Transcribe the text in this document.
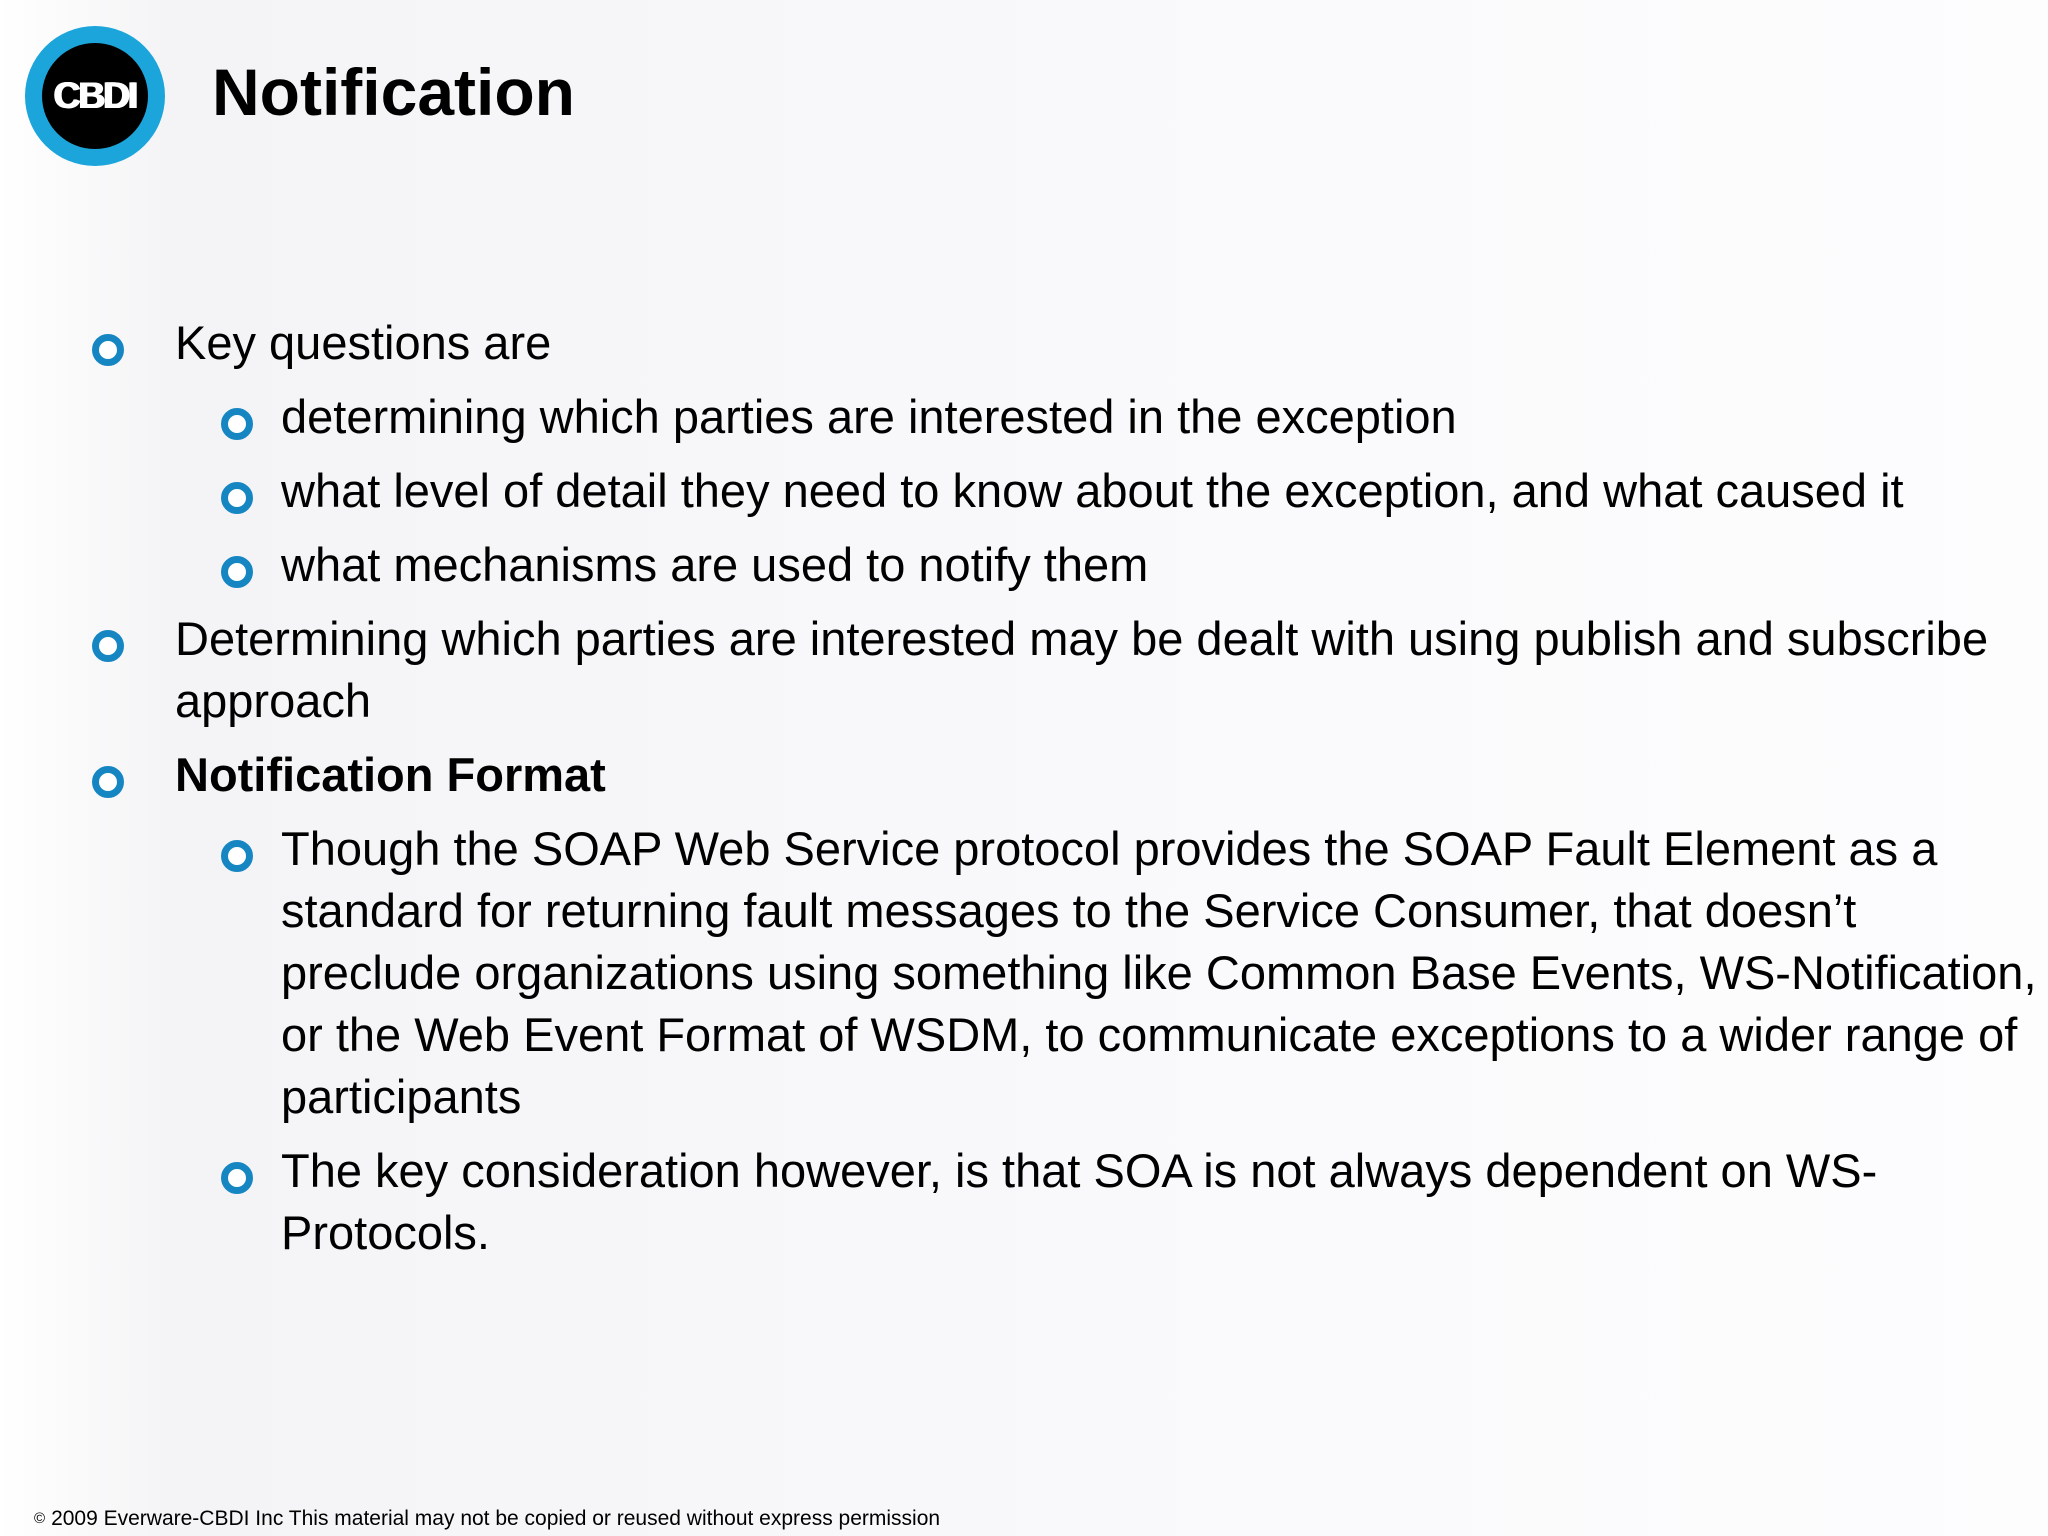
CBDI Notification
Key questions are
determining which parties are interested in the exception
what level of detail they need to know about the exception, and what caused it
what mechanisms are used to notify them
Determining which parties are interested may be dealt with using publish and subscribe approach
Notification Format
Though the SOAP Web Service protocol provides the SOAP Fault Element as a standard for returning fault messages to the Service Consumer, that doesn’t preclude organizations using something like Common Base Events, WS-Notification, or the Web Event Format of WSDM, to communicate exceptions to a wider range of participants
The key consideration however, is that SOA is not always dependent on WS-Protocols.
© 2009 Everware-CBDI Inc This material may not be copied or reused without express permission
